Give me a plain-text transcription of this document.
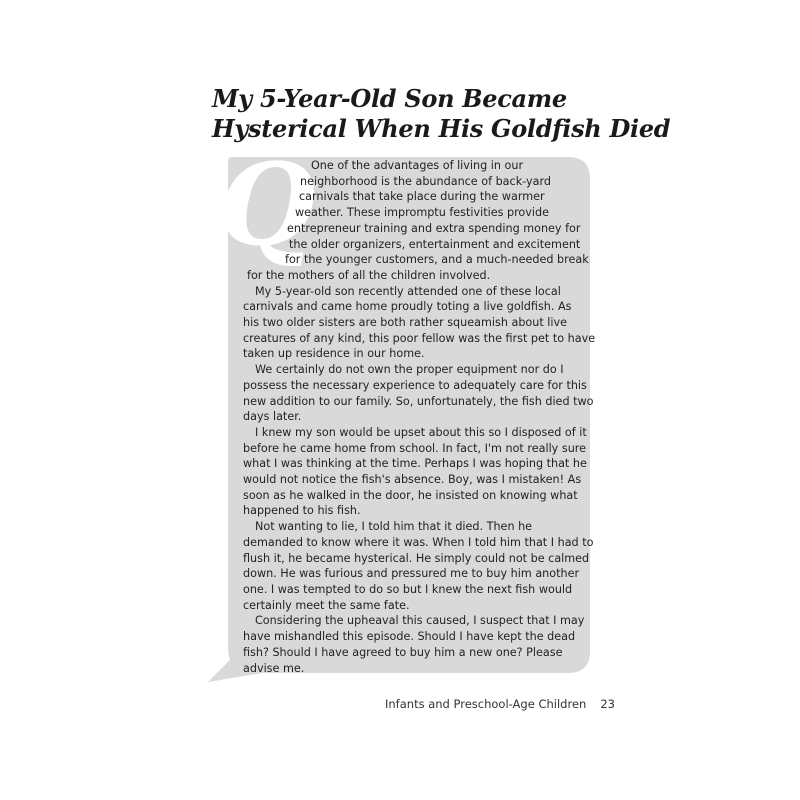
My 5-Year-Old Son Became
Hysterical When His Goldfish Died
Q
One of the advantages of living in our
neighborhood is the abundance of back-yard
carnivals that take place during the warmer
weather. These impromptu festivities provide
entrepreneur training and extra spending money for
the older organizers, entertainment and excitement
for the younger customers, and a much-needed break
for the mothers of all the children involved.
My 5-year-old son recently attended one of these local
carnivals and came home proudly toting a live goldfish. As
his two older sisters are both rather squeamish about live
creatures of any kind, this poor fellow was the first pet to have
taken up residence in our home.
We certainly do not own the proper equipment nor do I
possess the necessary experience to adequately care for this
new addition to our family. So, unfortunately, the fish died two
days later.
I knew my son would be upset about this so I disposed of it
before he came home from school. In fact, I'm not really sure
what I was thinking at the time. Perhaps I was hoping that he
would not notice the fish's absence. Boy, was I mistaken! As
soon as he walked in the door, he insisted on knowing what
happened to his fish.
Not wanting to lie, I told him that it died. Then he
demanded to know where it was. When I told him that I had to
flush it, he became hysterical. He simply could not be calmed
down. He was furious and pressured me to buy him another
one. I was tempted to do so but I knew the next fish would
certainly meet the same fate.
Considering the upheaval this caused, I suspect that I may
have mishandled this episode. Should I have kept the dead
fish? Should I have agreed to buy him a new one? Please
advise me.
Infants and Preschool-Age Children 23
